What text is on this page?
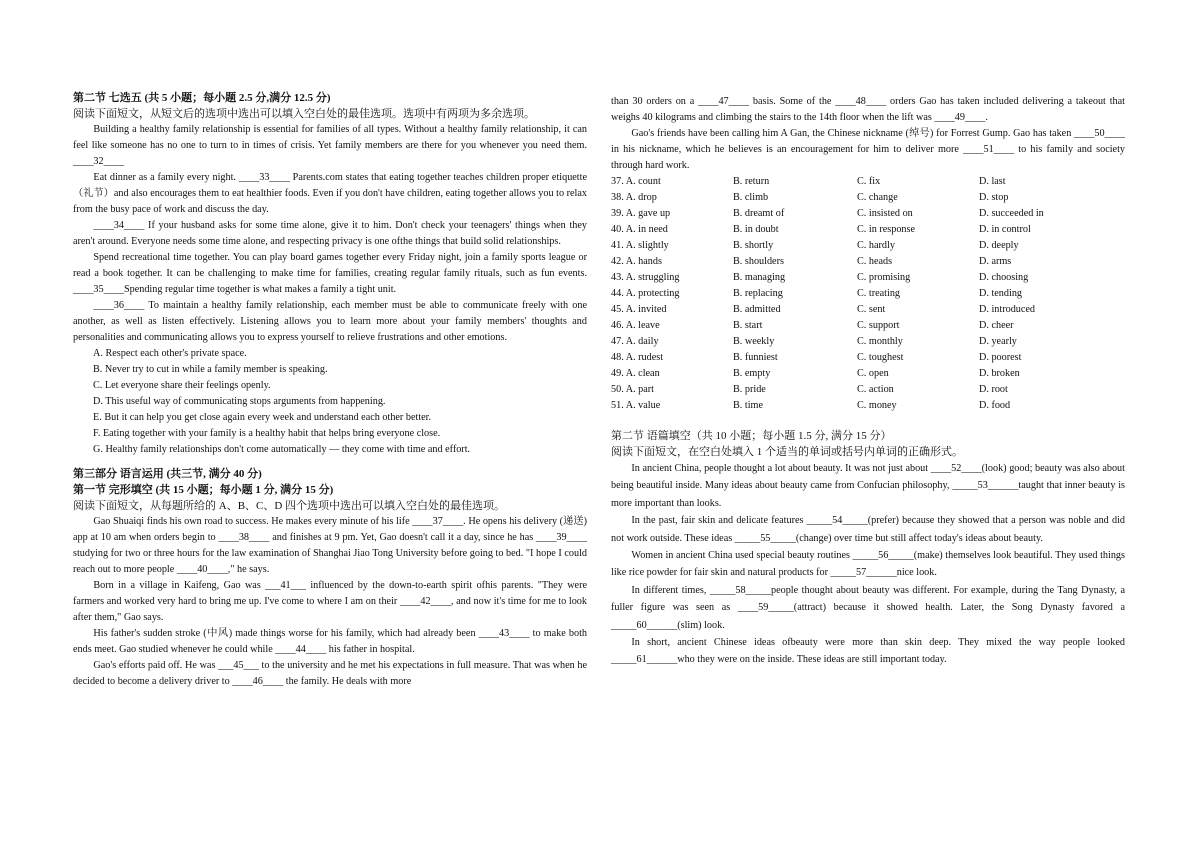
第二节 七选五 (共 5 小题；每小题 2.5 分,满分 12.5 分)
阅读下面短文，从短文后的选项中选出可以填入空白处的最佳选项。选项中有两项为多余选项。

Building a healthy family relationship is essential for families of all types. Without a healthy family relationship, it can feel like someone has no one to turn to in times of crisis. Yet family members are there for you whenever you need them. ____32____

Eat dinner as a family every night. ____33____ Parents.com states that eating together teaches children proper etiquette （礼节）and also encourages them to eat healthier foods. Even if you don't have children, eating together allows you to relax from the busy pace of work and discuss the day.

____34____ If your husband asks for some time alone, give it to him. Don't check your teenagers' things when they aren't around. Everyone needs some time alone, and respecting privacy is one ofthe things that build solid relationships.

Spend recreational time together. You can play board games together every Friday night, join a family sports league or read a book together. It can be challenging to make time for families, creating regular family rituals, such as fun events. ____35____Spending regular time together is what makes a family a tight unit.

____36____ To maintain a healthy family relationship, each member must be able to communicate freely with one another, as well as listen effectively. Listening allows you to learn more about your family members' thoughts and personalities and communicating allows you to express yourself to relieve frustrations and other emotions.

A. Respect each other's private space.
B. Never try to cut in while a family member is speaking.
C. Let everyone share their feelings openly.
D. This useful way of communicating stops arguments from happening.
E. But it can help you get close again every week and understand each other better.
F. Eating together with your family is a healthy habit that helps bring everyone close.
G. Healthy family relationships don't come automatically — they come with time and effort.
第三部分 语言运用 (共三节, 满分 40 分)
第一节 完形填空 (共 15 小题；每小题 1 分, 满分 15 分)
阅读下面短文，从每题所给的 A、B、C、D 四个选项中选出可以填入空白处的最佳选项。

Gao Shuaiqi finds his own road to success. He makes every minute of his life ____37____. He opens his delivery (递送) app at 10 am when orders begin to ____38____ and finishes at 9 pm. Yet, Gao doesn't call it a day, since he has ____39____ studying for two or three hours for the law examination of Shanghai Jiao Tong University before going to bed. "I hope I could reach out to more people ____40____," he says.

Born in a village in Kaifeng, Gao was ___41___ influenced by the down-to-earth spirit ofhis parents. "They were farmers and worked very hard to bring me up. I've come to where I am on their ____42____, and now it's time for me to look after them," Gao says.

His father's sudden stroke (中风) made things worse for his family, which had already been ____43____ to make both ends meet. Gao studied whenever he could while ____44____ his father in hospital.

Gao's efforts paid off. He was ___45___ to the university and he met his expectations in full measure. That was when he decided to become a delivery driver to ____46____ the family. He deals with more

than 30 orders on a ____47____ basis. Some of the ____48____ orders Gao has taken included delivering a takeout that weighs 40 kilograms and climbing the stairs to the 14th floor when the lift was ____49____.

Gao's friends have been calling him A Gan, the Chinese nickname (绰号) for Forrest Gump. Gao has taken ____50____ in his nickname, which he believes is an encouragement for him to deliver more ____51____ to his family and society through hard work.

37. A. count	B. return	C. fix	D. last
38. A. drop	B. climb	C. change	D. stop
39. A. gave up	B. dreamt of	C. insisted on	D. succeeded in
40. A. in need	B. in doubt	C. in response	D. in control
41. A. slightly	B. shortly	C. hardly	D. deeply
42. A. hands	B. shoulders	C. heads	D. arms
43. A. struggling	B. managing	C. promising	D. choosing
44. A. protecting	B. replacing	C. treating	D. tending
45. A. invited	B. admitted	C. sent	D. introduced
46. A. leave	B. start	C. support	D. cheer
47. A. daily	B. weekly	C. monthly	D. yearly
48. A. rudest	B. funniest	C. toughest	D. poorest
49. A. clean	B. empty	C. open	D. broken
50. A. part	B. pride	C. action	D. root
51. A. value	B. time	C. money	D. food
第二节 语篇填空（共 10 小题；每小题 1.5 分, 满分 15 分）
阅读下面短文，在空白处填入 1 个适当的单词或括号内单词的正确形式。

In ancient China, people thought a lot about beauty. It was not just about ____52____(look) good; beauty was also about being beautiful inside. Many ideas about beauty came from Confucian philosophy, _____53______taught that inner beauty is more important than looks.

In the past, fair skin and delicate features _____54_____(prefer) because they showed that a person was noble and did not work outside. These ideas _____55_____(change) over time but still affect today's ideas about beauty.

Women in ancient China used special beauty routines _____56_____(make) themselves look beautiful. They used things like rice powder for fair skin and natural products for _____57______nice look.

In different times, _____58_____people thought about beauty was different. For example, during the Tang Dynasty, a fuller figure was seen as ____59_____(attract) because it showed health. Later, the Song Dynasty favored a _____60______(slim) look.

In short, ancient Chinese ideas ofbeauty were more than skin deep. They mixed the way people looked _____61______who they were on the inside. These ideas are still important today.
